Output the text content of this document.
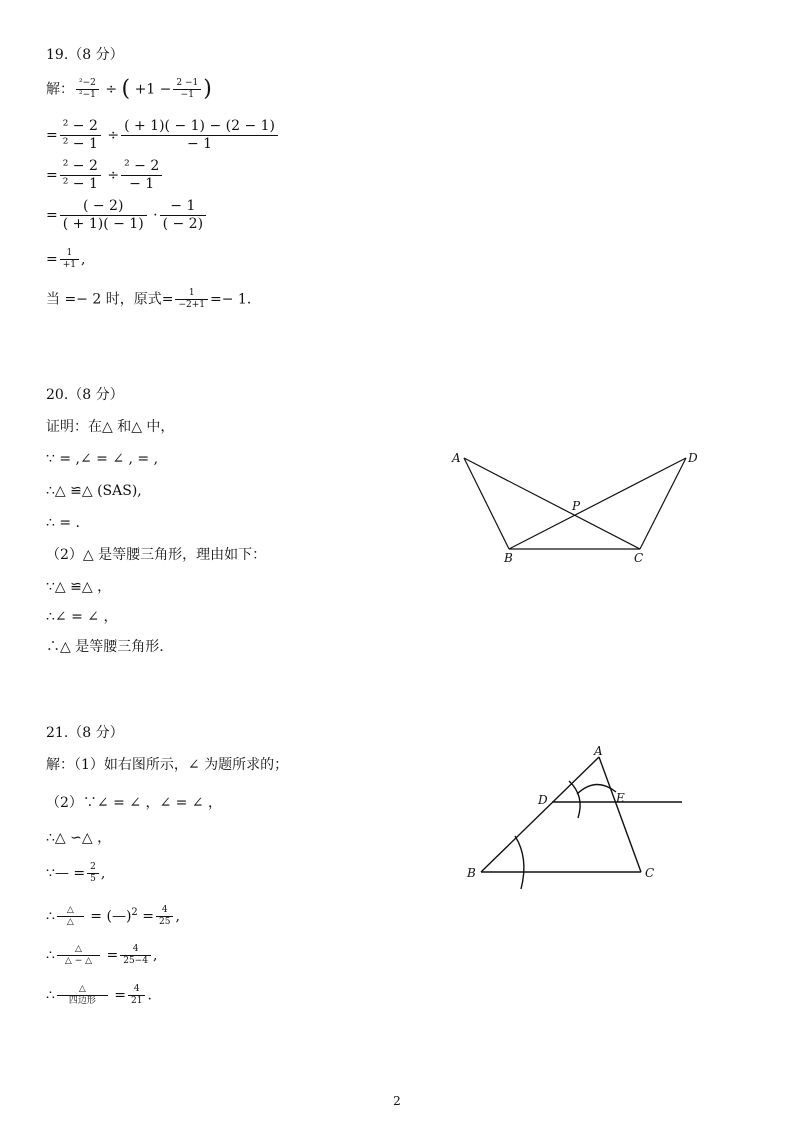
19.（8 分）
解： $\frac{\text{²−2}}{\text{²−1}}$ ÷ ( $+1 - \frac{2 -1}{-1}$ )
= $\frac{\text{² − 2}}{\text{² − 1}} \div \frac{( + 1)( - 1) - (2 - 1)}{- 1}$
= $\frac{\text{² − 2}}{\text{² − 1}} \div \frac{\text{² − 2}}{- 1}$
= $\frac{( - 2)}{( + 1)( - 1)} \cdot \frac{- 1}{( - 2)}$
= $\frac{1}{+1}$ ,
当 =− 2 时，原式= $\frac{1}{-2+1} =- 1$．
20.（8 分）
证明：在△ 和△ 中，
∵ = ,∠ = ∠ , = ,
∴△ ≌△ (SAS),
∴ = .
（2）△ 是等腰三角形，理由如下：
∵△ ≌△ ，
∴∠ = ∠ ，
∴△ 是等腰三角形.
A	D
P
B	C
21.（8 分）
解：（1）如右图所示，∠ 为题所求的；
（2）∵∠ = ∠ ，∠ = ∠ ，
∴△ ∽△ ，
∵— = $\frac{2}{5}$ ,
∴ $\frac{\triangle}{\triangle}$ = (—)$^2$ = $\frac{4}{25}$ ,
∴ $\frac{\triangle}{\triangle - \triangle} = \frac{4}{25-4}$ ,
∴ $\frac{\triangle}{\text{四边形}} = \frac{4}{21}$ .
A
D	E
B	C
2
